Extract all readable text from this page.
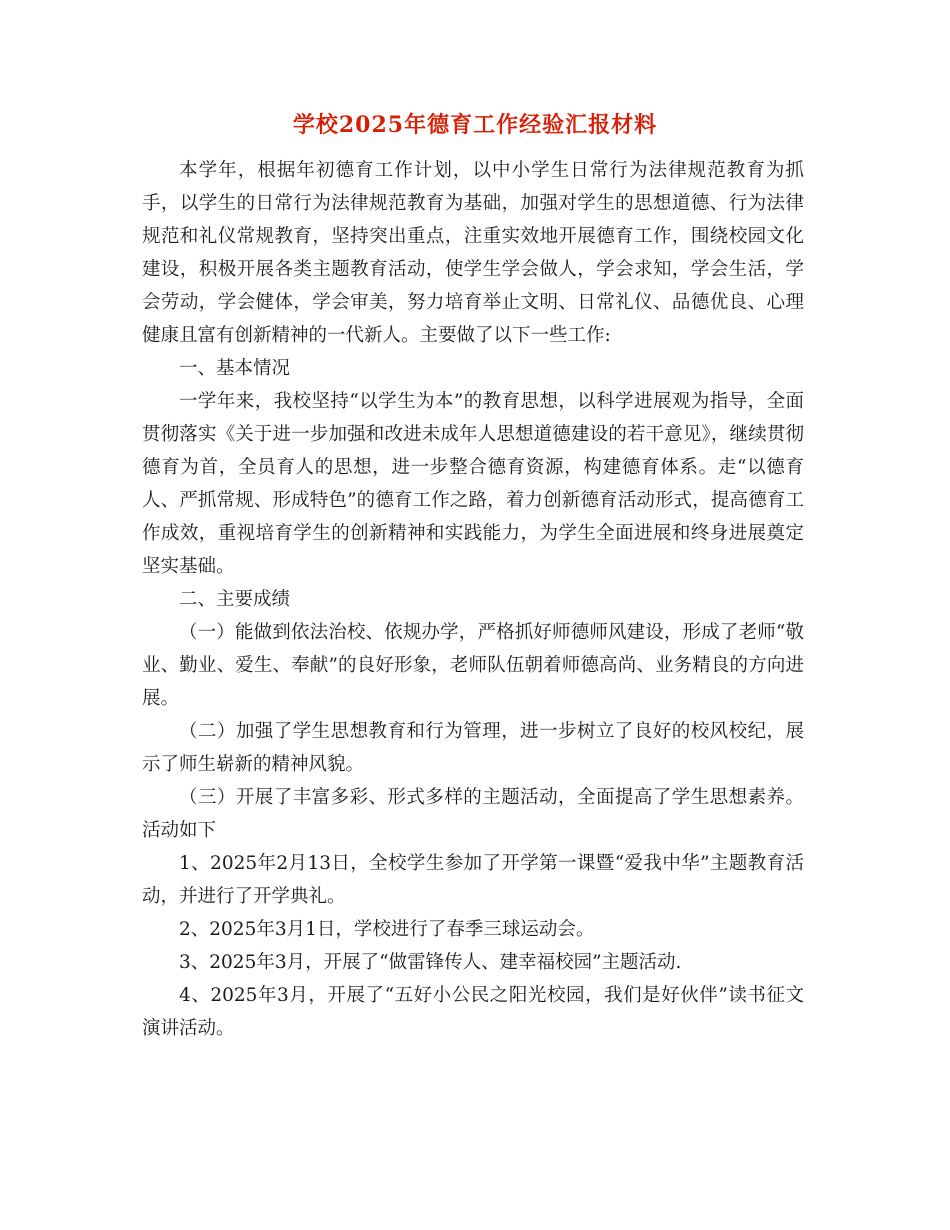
学校2025年德育工作经验汇报材料

本学年，根据年初德育工作计划，以中小学生日常行为法律规范教育为抓手，以学生的日常行为法律规范教育为基础，加强对学生的思想道德、行为法律规范和礼仪常规教育，坚持突出重点，注重实效地开展德育工作，围绕校园文化建设，积极开展各类主题教育活动，使学生学会做人，学会求知，学会生活，学会劳动，学会健体，学会审美，努力培育举止文明、日常礼仪、品德优良、心理健康且富有创新精神的一代新人。主要做了以下一些工作:

一、基本情况

一学年来，我校坚持“以学生为本”的教育思想，以科学进展观为指导，全面贯彻落实《关于进一步加强和改进未成年人思想道德建设的若干意见》，继续贯彻德育为首，全员育人的思想，进一步整合德育资源，构建德育体系。走“以德育人、严抓常规、形成特色”的德育工作之路，着力创新德育活动形式，提高德育工作成效，重视培育学生的创新精神和实践能力，为学生全面进展和终身进展奠定坚实基础。

二、主要成绩

（一）能做到依法治校、依规办学，严格抓好师德师风建设，形成了老师“敬业、勤业、爱生、奉献”的良好形象，老师队伍朝着师德高尚、业务精良的方向进展。

（二）加强了学生思想教育和行为管理，进一步树立了良好的校风校纪，展示了师生崭新的精神风貌。

（三）开展了丰富多彩、形式多样的主题活动，全面提高了学生思想素养。活动如下

1、2025年2月13日，全校学生参加了开学第一课暨“爱我中华”主题教育活动，并进行了开学典礼。

2、2025年3月1日，学校进行了春季三球运动会。

3、2025年3月，开展了“做雷锋传人、建幸福校园”主题活动.

4、2025年3月，开展了“五好小公民之阳光校园，我们是好伙伴”读书征文演讲活动。
